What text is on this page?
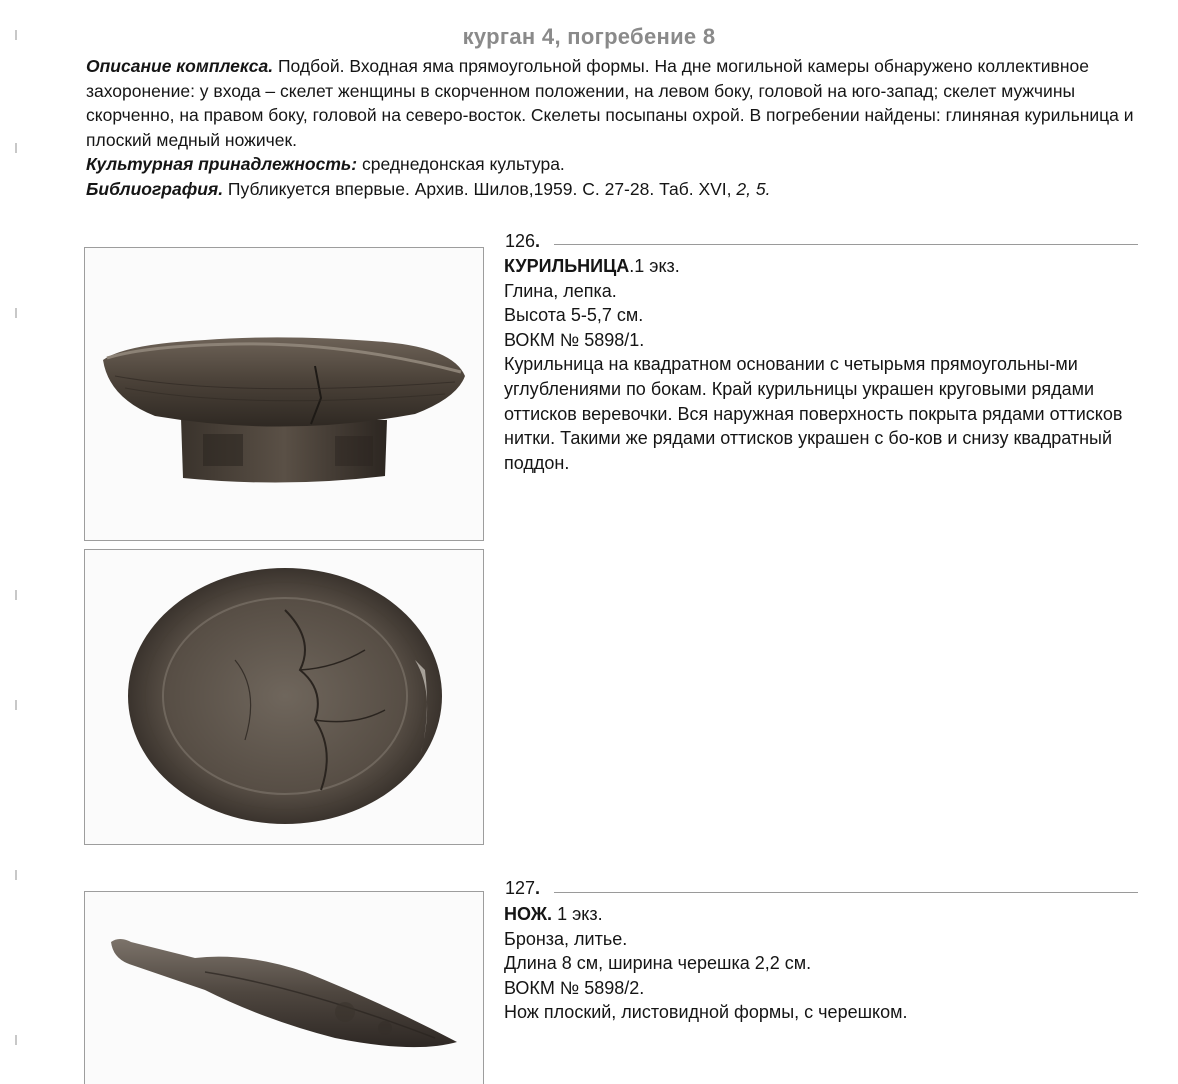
курган 4, погребение 8

Описание комплекса. Подбой. Входная яма прямоугольной формы. На дне могильной камеры обнаружено коллективное захоронение: у входа – скелет женщины в скорченном положении, на левом боку, головой на юго-запад; скелет мужчины скорченно, на правом боку, головой на северо-восток. Скелеты посыпаны охрой. В погребении найдены: глиняная курильница и плоский медный ножичек.

Культурная принадлежность: среднедонская культура.

Библиография. Публикуется впервые. Архив. Шилов,1959. С. 27-28. Таб. XVI, 2, 5.

126.
КУРИЛЬНИЦА.1 экз.
Глина, лепка.
Высота 5-5,7 см.
ВОКМ № 5898/1.
Курильница на квадратном основании с четырьмя прямоугольны-ми углублениями по бокам. Край курильницы украшен круговыми рядами оттисков веревочки. Вся наружная поверхность покрыта рядами оттисков нитки. Такими же рядами оттисков украшен с бо-ков и снизу квадратный поддон.
127.
НОЖ. 1 экз.
Бронза, литье.
Длина 8 см, ширина черешка 2,2 см.
ВОКМ № 5898/2.
Нож плоский, листовидной формы, с черешком.
